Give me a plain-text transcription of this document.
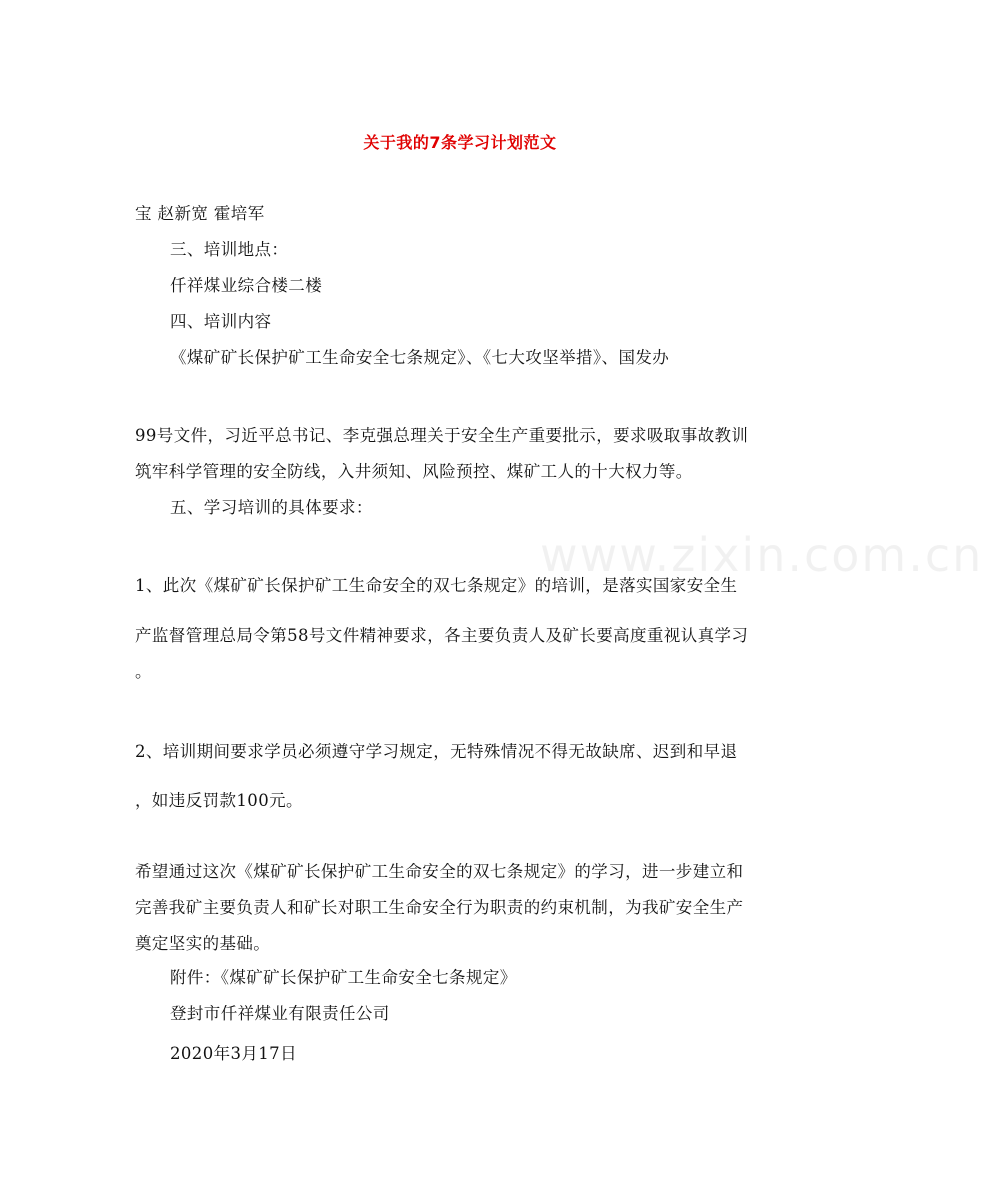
关于我的7条学习计划范文
www.zixin.com.cn
宝 赵新宽 霍培军
三、培训地点：
仟祥煤业综合楼二楼
四、培训内容
《煤矿矿长保护矿工生命安全七条规定》、《七大攻坚举措》、国发办
99号文件，习近平总书记、李克强总理关于安全生产重要批示，要求吸取事故教训
筑牢科学管理的安全防线，入井须知、风险预控、煤矿工人的十大权力等。
五、学习培训的具体要求：
1、此次《煤矿矿长保护矿工生命安全的双七条规定》的培训，是落实国家安全生
产监督管理总局令第58号文件精神要求，各主要负责人及矿长要高度重视认真学习
。
2、培训期间要求学员必须遵守学习规定，无特殊情况不得无故缺席、迟到和早退
，如违反罚款100元。
希望通过这次《煤矿矿长保护矿工生命安全的双七条规定》的学习，进一步建立和
完善我矿主要负责人和矿长对职工生命安全行为职责的约束机制，为我矿安全生产
奠定坚实的基础。
附件：《煤矿矿长保护矿工生命安全七条规定》
登封市仟祥煤业有限责任公司
2020年3月17日
